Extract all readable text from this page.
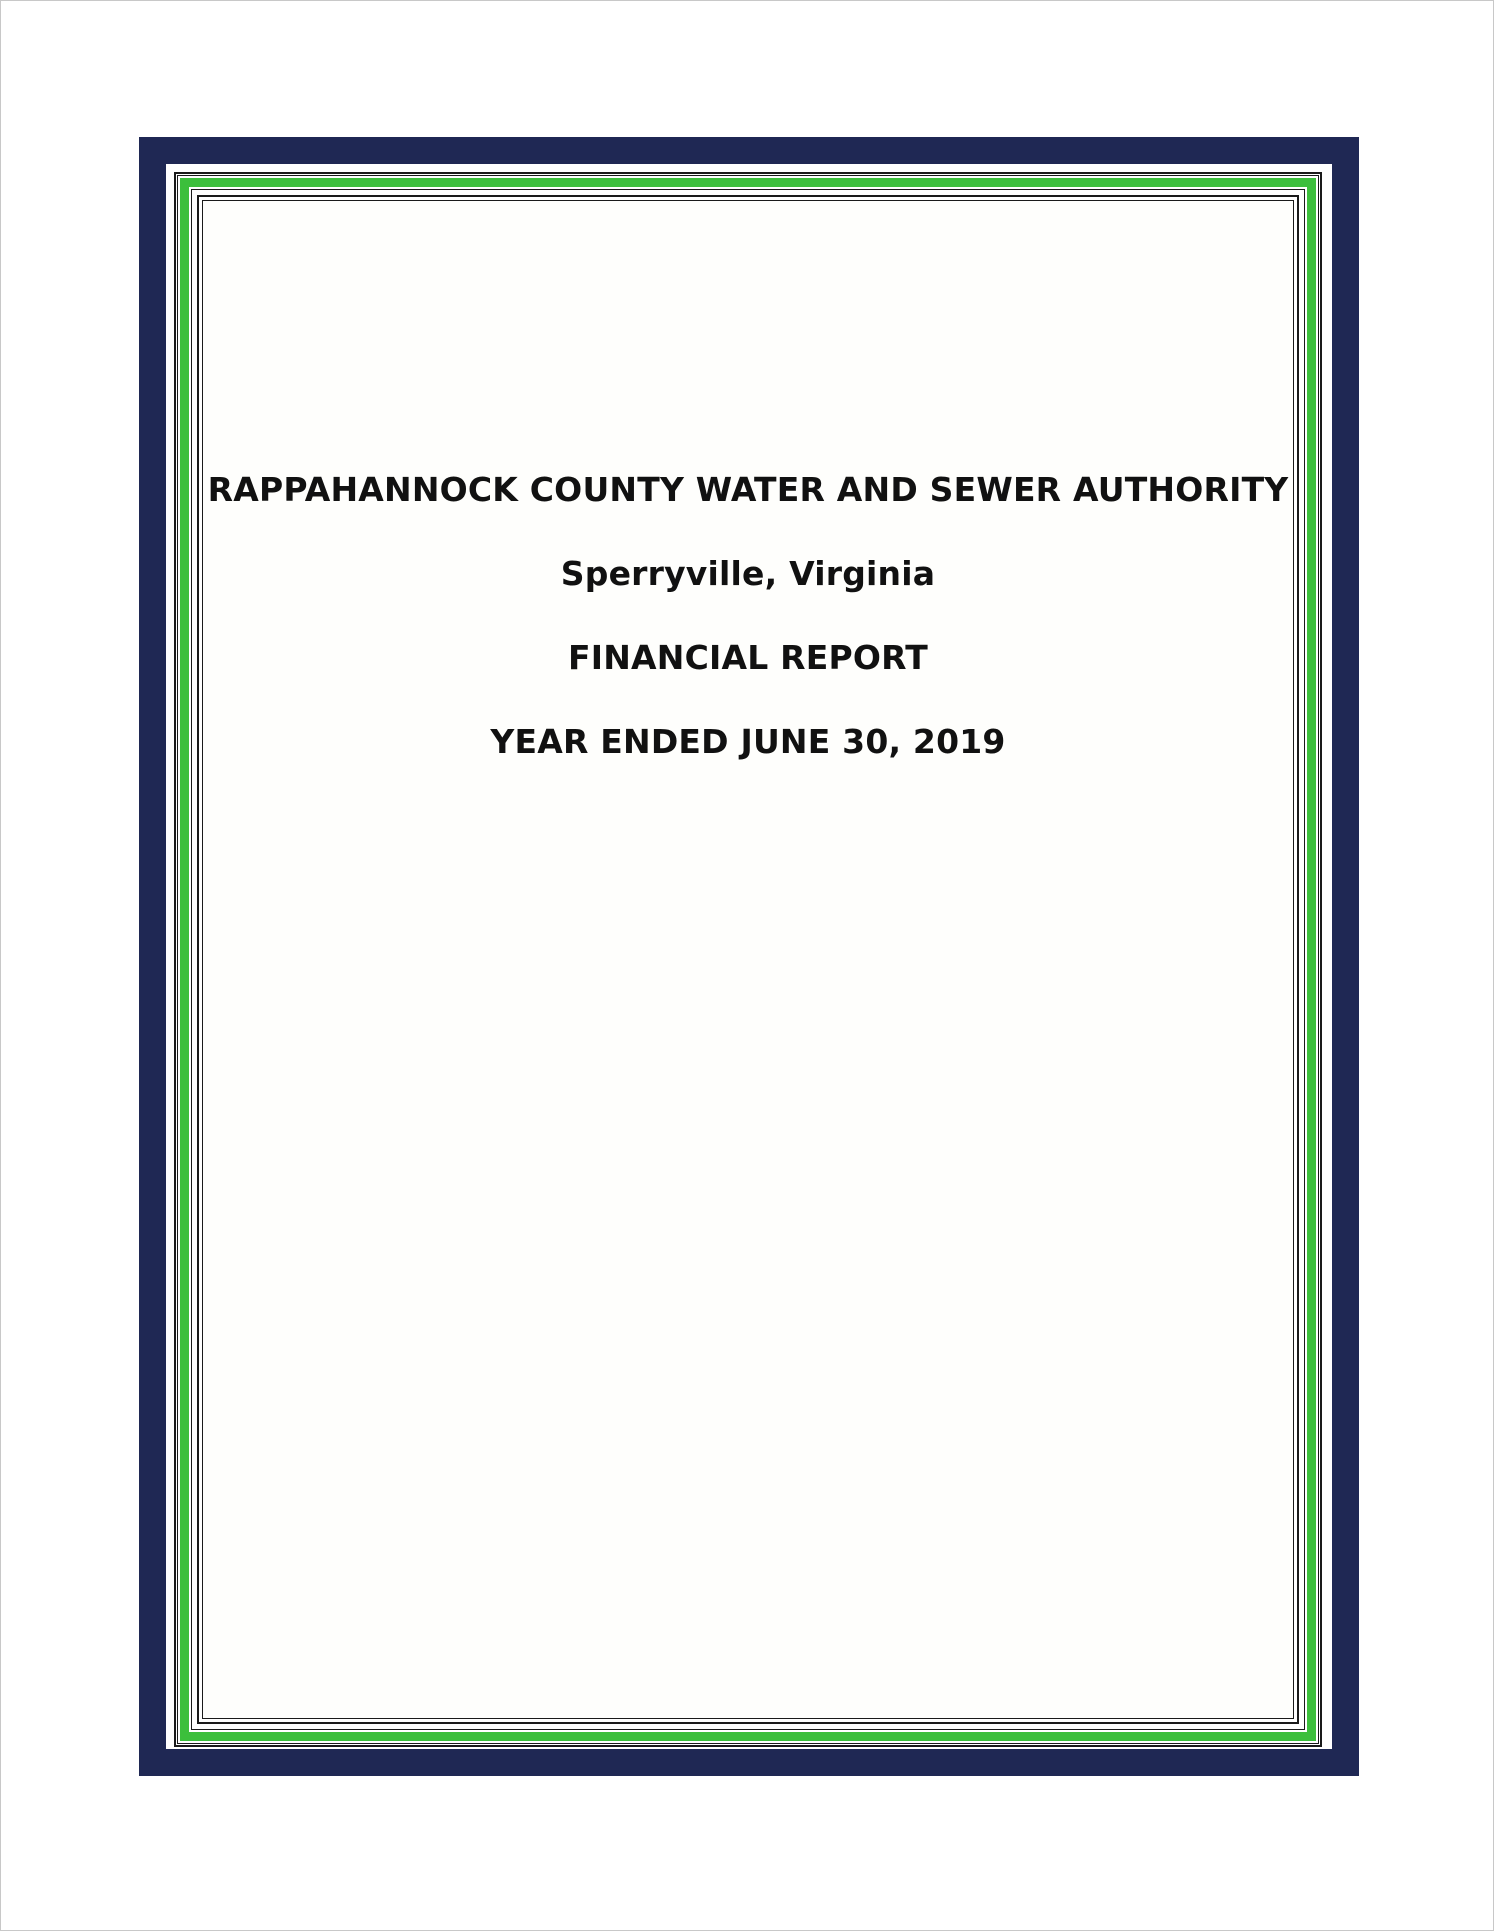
RAPPAHANNOCK COUNTY WATER AND SEWER AUTHORITY

Sperryville, Virginia

FINANCIAL REPORT

YEAR ENDED JUNE 30, 2019
